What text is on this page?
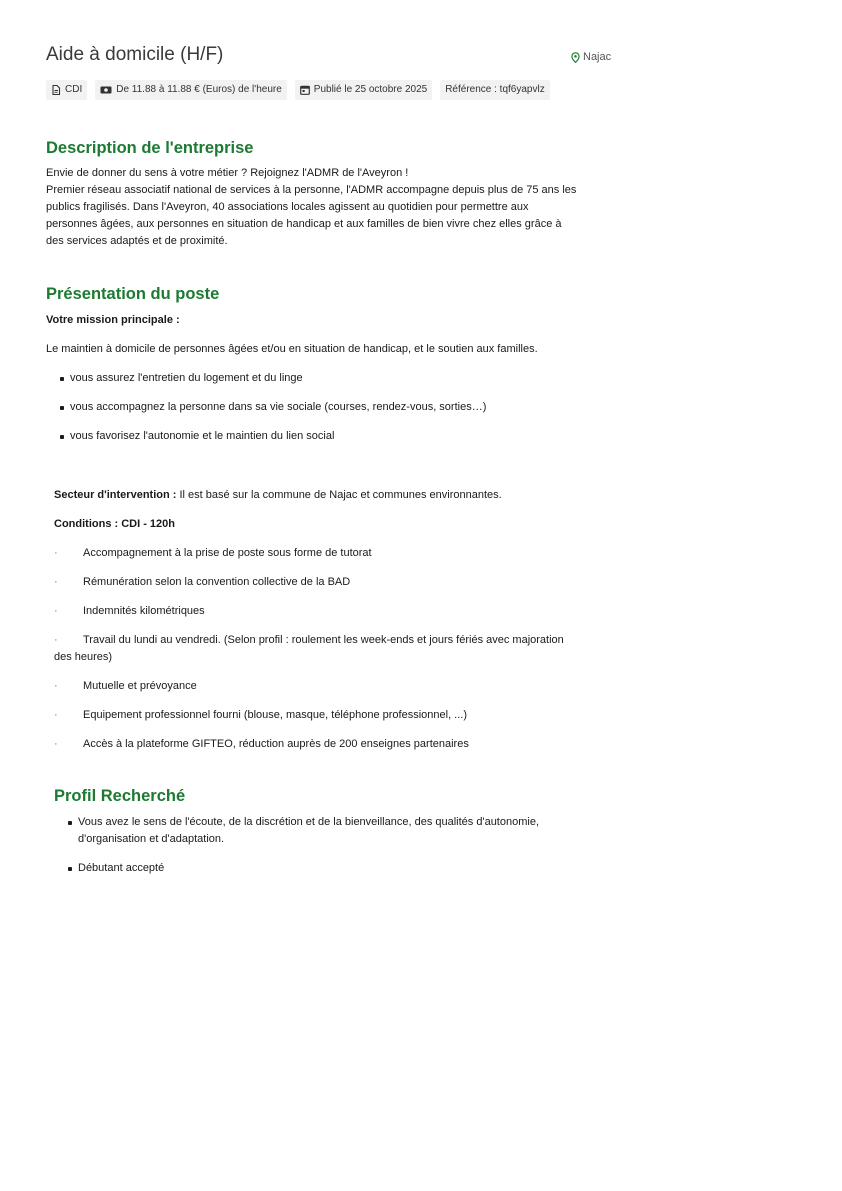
Aide à domicile (H/F)	Najac
CDI	De 11.88 à 11.88 € (Euros) de l'heure	Publié le 25 octobre 2025 Référence : tqf6yapvlz
Description de l'entreprise
Envie de donner du sens à votre métier ? Rejoignez l'ADMR de l'Aveyron !
Premier réseau associatif national de services à la personne, l'ADMR accompagne depuis plus de 75 ans les
publics fragilisés. Dans l'Aveyron, 40 associations locales agissent au quotidien pour permettre aux
personnes âgées, aux personnes en situation de handicap et aux familles de bien vivre chez elles grâce à
des services adaptés et de proximité.
Présentation du poste
Votre mission principale :
Le maintien à domicile de personnes âgées et/ou en situation de handicap, et le soutien aux familles.
vous assurez l'entretien du logement et du linge
vous accompagnez la personne dans sa vie sociale (courses, rendez-vous, sorties…)
vous favorisez l'autonomie et le maintien du lien social
Secteur d'intervention : Il est basé sur la commune de Najac et communes environnantes.
Conditions : CDI - 120h
·	Accompagnement à la prise de poste sous forme de tutorat
·	Rémunération selon la convention collective de la BAD
·	Indemnités kilométriques
·	Travail du lundi au vendredi. (Selon profil : roulement les week-ends et jours fériés avec majoration
des heures)
·	Mutuelle et prévoyance
·	Equipement professionnel fourni (blouse, masque, téléphone professionnel, ...)
·	Accès à la plateforme GIFTEO, réduction auprès de 200 enseignes partenaires
Profil Recherché
Vous avez le sens de l'écoute, de la discrétion et de la bienveillance, des qualités d'autonomie,
d'organisation et d'adaptation.
Débutant accepté
